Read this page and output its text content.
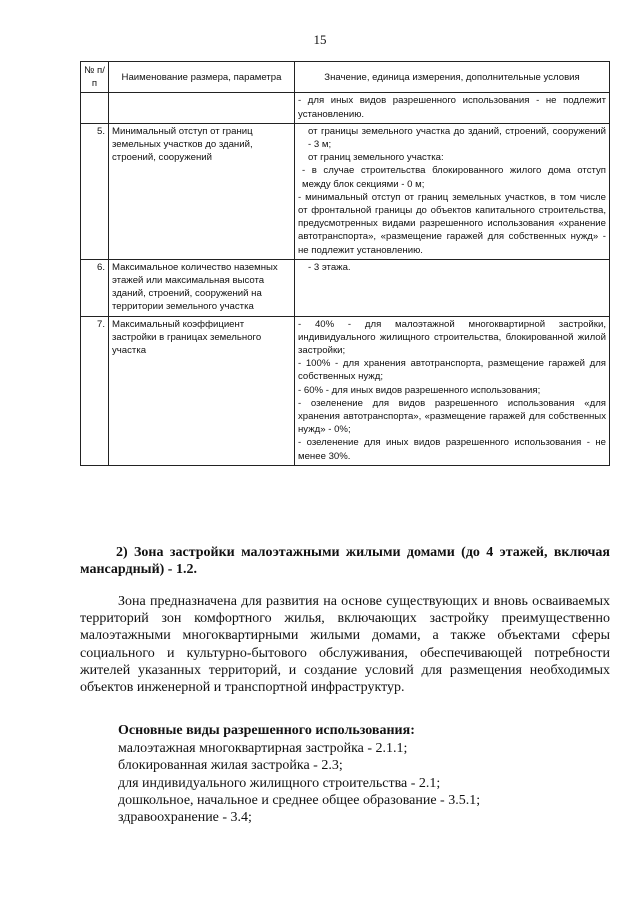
15
№ п/п	Наименование размера, параметра	Значение, единица измерения, дополнительные условия

		- для иных видов разрешенного использования - не подлежит установлению.

5.	Минимальный отступ от границ земельных участков до зданий, строений, сооружений	от границы земельного участка до зданий, строений, сооружений - 3 м;
от границ земельного участка:
- в случае строительства блокированного жилого дома отступ между блок секциями - 0 м;
- минимальный отступ от границ земельных участков, в том числе от фронтальной границы до объектов капитального строительства, предусмотренных видами разрешенного использования «хранение автотранспорта», «размещение гаражей для собственных нужд» - не подлежит установлению.

6.	Максимальное количество наземных этажей или максимальная высота зданий, строений, сооружений на территории земельного участка	- 3 этажа.

7.	Максимальный коэффициент застройки в границах земельного участка	- 40% - для малоэтажной многоквартирной застройки, индивидуального жилищного строительства, блокированной жилой застройки;
- 100% - для хранения автотранспорта, размещение гаражей для собственных нужд;
- 60% - для иных видов разрешенного использования;
- озеленение для видов разрешенного использования «для хранения автотранспорта», «размещение гаражей для собственных нужд» - 0%;
- озеленение для иных видов разрешенного использования - не менее 30%.
2) Зона застройки малоэтажными жилыми домами (до 4 этажей, включая мансардный) - 1.2.
Зона предназначена для развития на основе существующих и вновь осваиваемых территорий зон комфортного жилья, включающих застройку преимущественно малоэтажными многоквартирными жилыми домами, а также объектами сферы социального и культурно-бытового обслуживания, обеспечивающей потребности жителей указанных территорий, и создание условий для размещения необходимых объектов инженерной и транспортной инфраструктур.
Основные виды разрешенного использования:
малоэтажная многоквартирная застройка - 2.1.1;
блокированная жилая застройка - 2.3;
для индивидуального жилищного строительства - 2.1;
дошкольное, начальное и среднее общее образование - 3.5.1;
здравоохранение - 3.4;
